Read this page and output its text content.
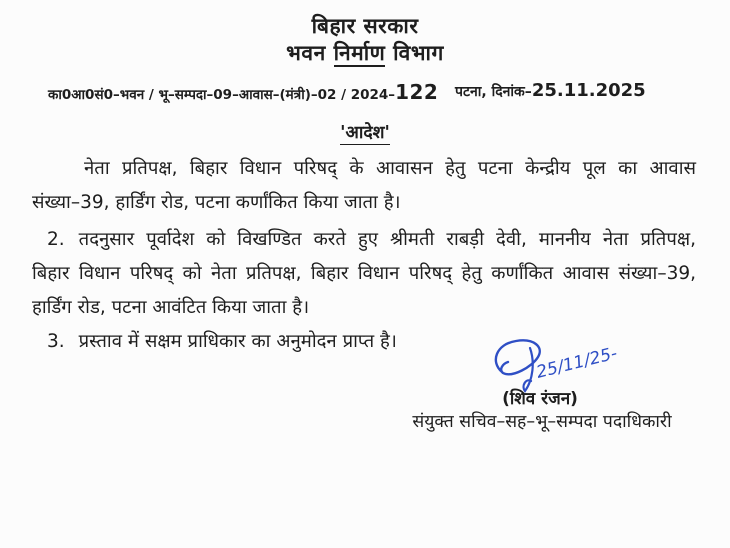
बिहार सरकार
भवन निर्माण विभाग
का0आ0सं0–भवन / भू–सम्पदा–09–आवास–(मंत्री)–02 / 2024–122 पटना, दिनांक–25.11.2025
'आदेश'
नेता प्रतिपक्ष, बिहार विधान परिषद् के आवासन हेतु पटना केन्द्रीय पूल का आवास
संख्या–39, हार्डिंग रोड, पटना कर्णांकित किया जाता है।
2. तदनुसार पूर्वादेश को विखण्डित करते हुए श्रीमती राबड़ी देवी, माननीय नेता प्रतिपक्ष,
बिहार विधान परिषद् को नेता प्रतिपक्ष, बिहार विधान परिषद् हेतु कर्णांकित आवास संख्या–39,
हार्डिंग रोड, पटना आवंटित किया जाता है।
3. प्रस्ताव में सक्षम प्राधिकार का अनुमोदन प्राप्त है।
25/11/25-
(शिव रंजन)
संयुक्त सचिव–सह–भू–सम्पदा पदाधिकारी
